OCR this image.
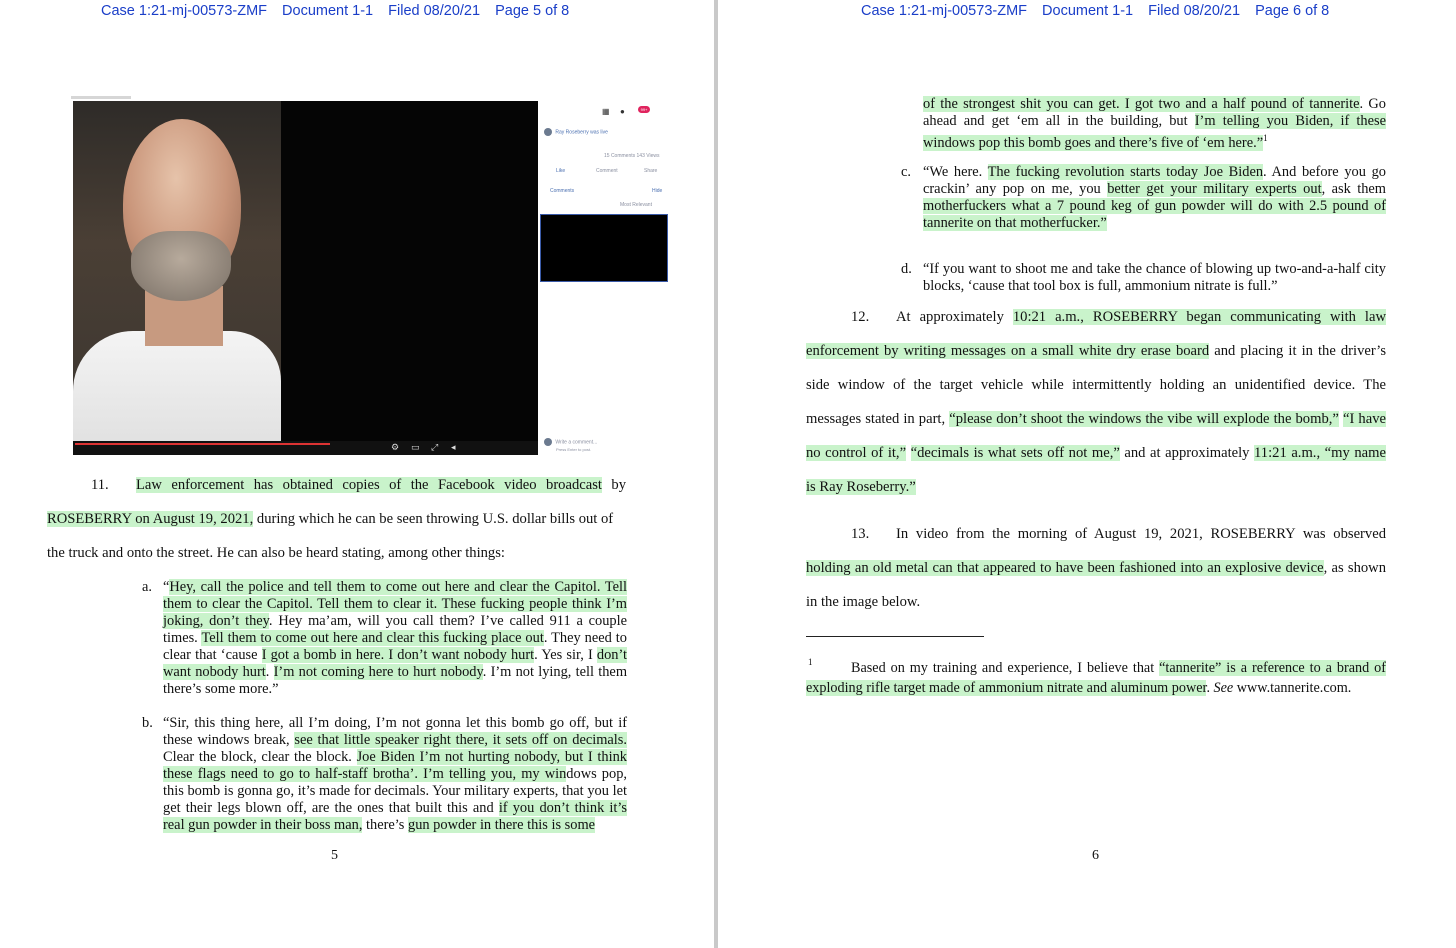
Case 1:21-mj-00573-ZMF Document 1-1 Filed 08/20/21 Page 5 of 8
⚙ ▭ ⤢ ◂
▦ ●	99+
Ray Roseberry was live
15 Comments 143 Views
Like	Comment	Share
Comments	Hide
Most Relevant
Write a comment...
Press Enter to post.
11. Law enforcement has obtained copies of the Facebook video broadcast by
ROSEBERRY on August 19, 2021, during which he can be seen throwing U.S. dollar bills out of
the truck and onto the street. He can also be heard stating, among other things:
a. “Hey, call the police and tell them to come out here and clear the Capitol. Tell them to clear the Capitol. Tell them to clear it. These fucking people think I’m joking, don’t they. Hey ma’am, will you call them? I’ve called 911 a couple times. Tell them to come out here and clear this fucking place out. They need to clear that ‘cause I got a bomb in here. I don’t want nobody hurt. Yes sir, I don’t want nobody hurt. I’m not coming here to hurt nobody. I’m not lying, tell them there’s some more.”
b. “Sir, this thing here, all I’m doing, I’m not gonna let this bomb go off, but if these windows break, see that little speaker right there, it sets off on decimals. Clear the block, clear the block. Joe Biden I’m not hurting nobody, but I think these flags need to go to half-staff brotha’. I’m telling you, my windows pop, this bomb is gonna go, it’s made for decimals. Your military experts, that you let get their legs blown off, are the ones that built this and if you don’t think it’s real gun powder in their boss man, there’s gun powder in there this is some
5
Case 1:21-mj-00573-ZMF Document 1-1 Filed 08/20/21 Page 6 of 8
of the strongest shit you can get. I got two and a half pound of tannerite. Go ahead and get ‘em all in the building, but I’m telling you Biden, if these windows pop this bomb goes and there’s five of ‘em here.”$^1$
c. “We here. The fucking revolution starts today Joe Biden. And before you go crackin’ any pop on me, you better get your military experts out, ask them motherfuckers what a 7 pound keg of gun powder will do with 2.5 pound of tannerite on that motherfucker.”
d. “If you want to shoot me and take the chance of blowing up two-and-a-half city blocks, ‘cause that tool box is full, ammonium nitrate is full.”
12. At approximately 10:21 a.m., ROSEBERRY began communicating with law
enforcement by writing messages on a small white dry erase board and placing it in the driver’s
side window of the target vehicle while intermittently holding an unidentified device. The
messages stated in part, “please don’t shoot the windows the vibe will explode the bomb,” “I have
no control of it,” “decimals is what sets off not me,” and at approximately 11:21 a.m., “my name
is Ray Roseberry.”
13. In video from the morning of August 19, 2021, ROSEBERRY was observed
holding an old metal can that appeared to have been fashioned into an explosive device, as shown
in the image below.
1	Based on my training and experience, I believe that “tannerite” is a reference to a brand of
exploding rifle target made of ammonium nitrate and aluminum power. See www.tannerite.com.
6
